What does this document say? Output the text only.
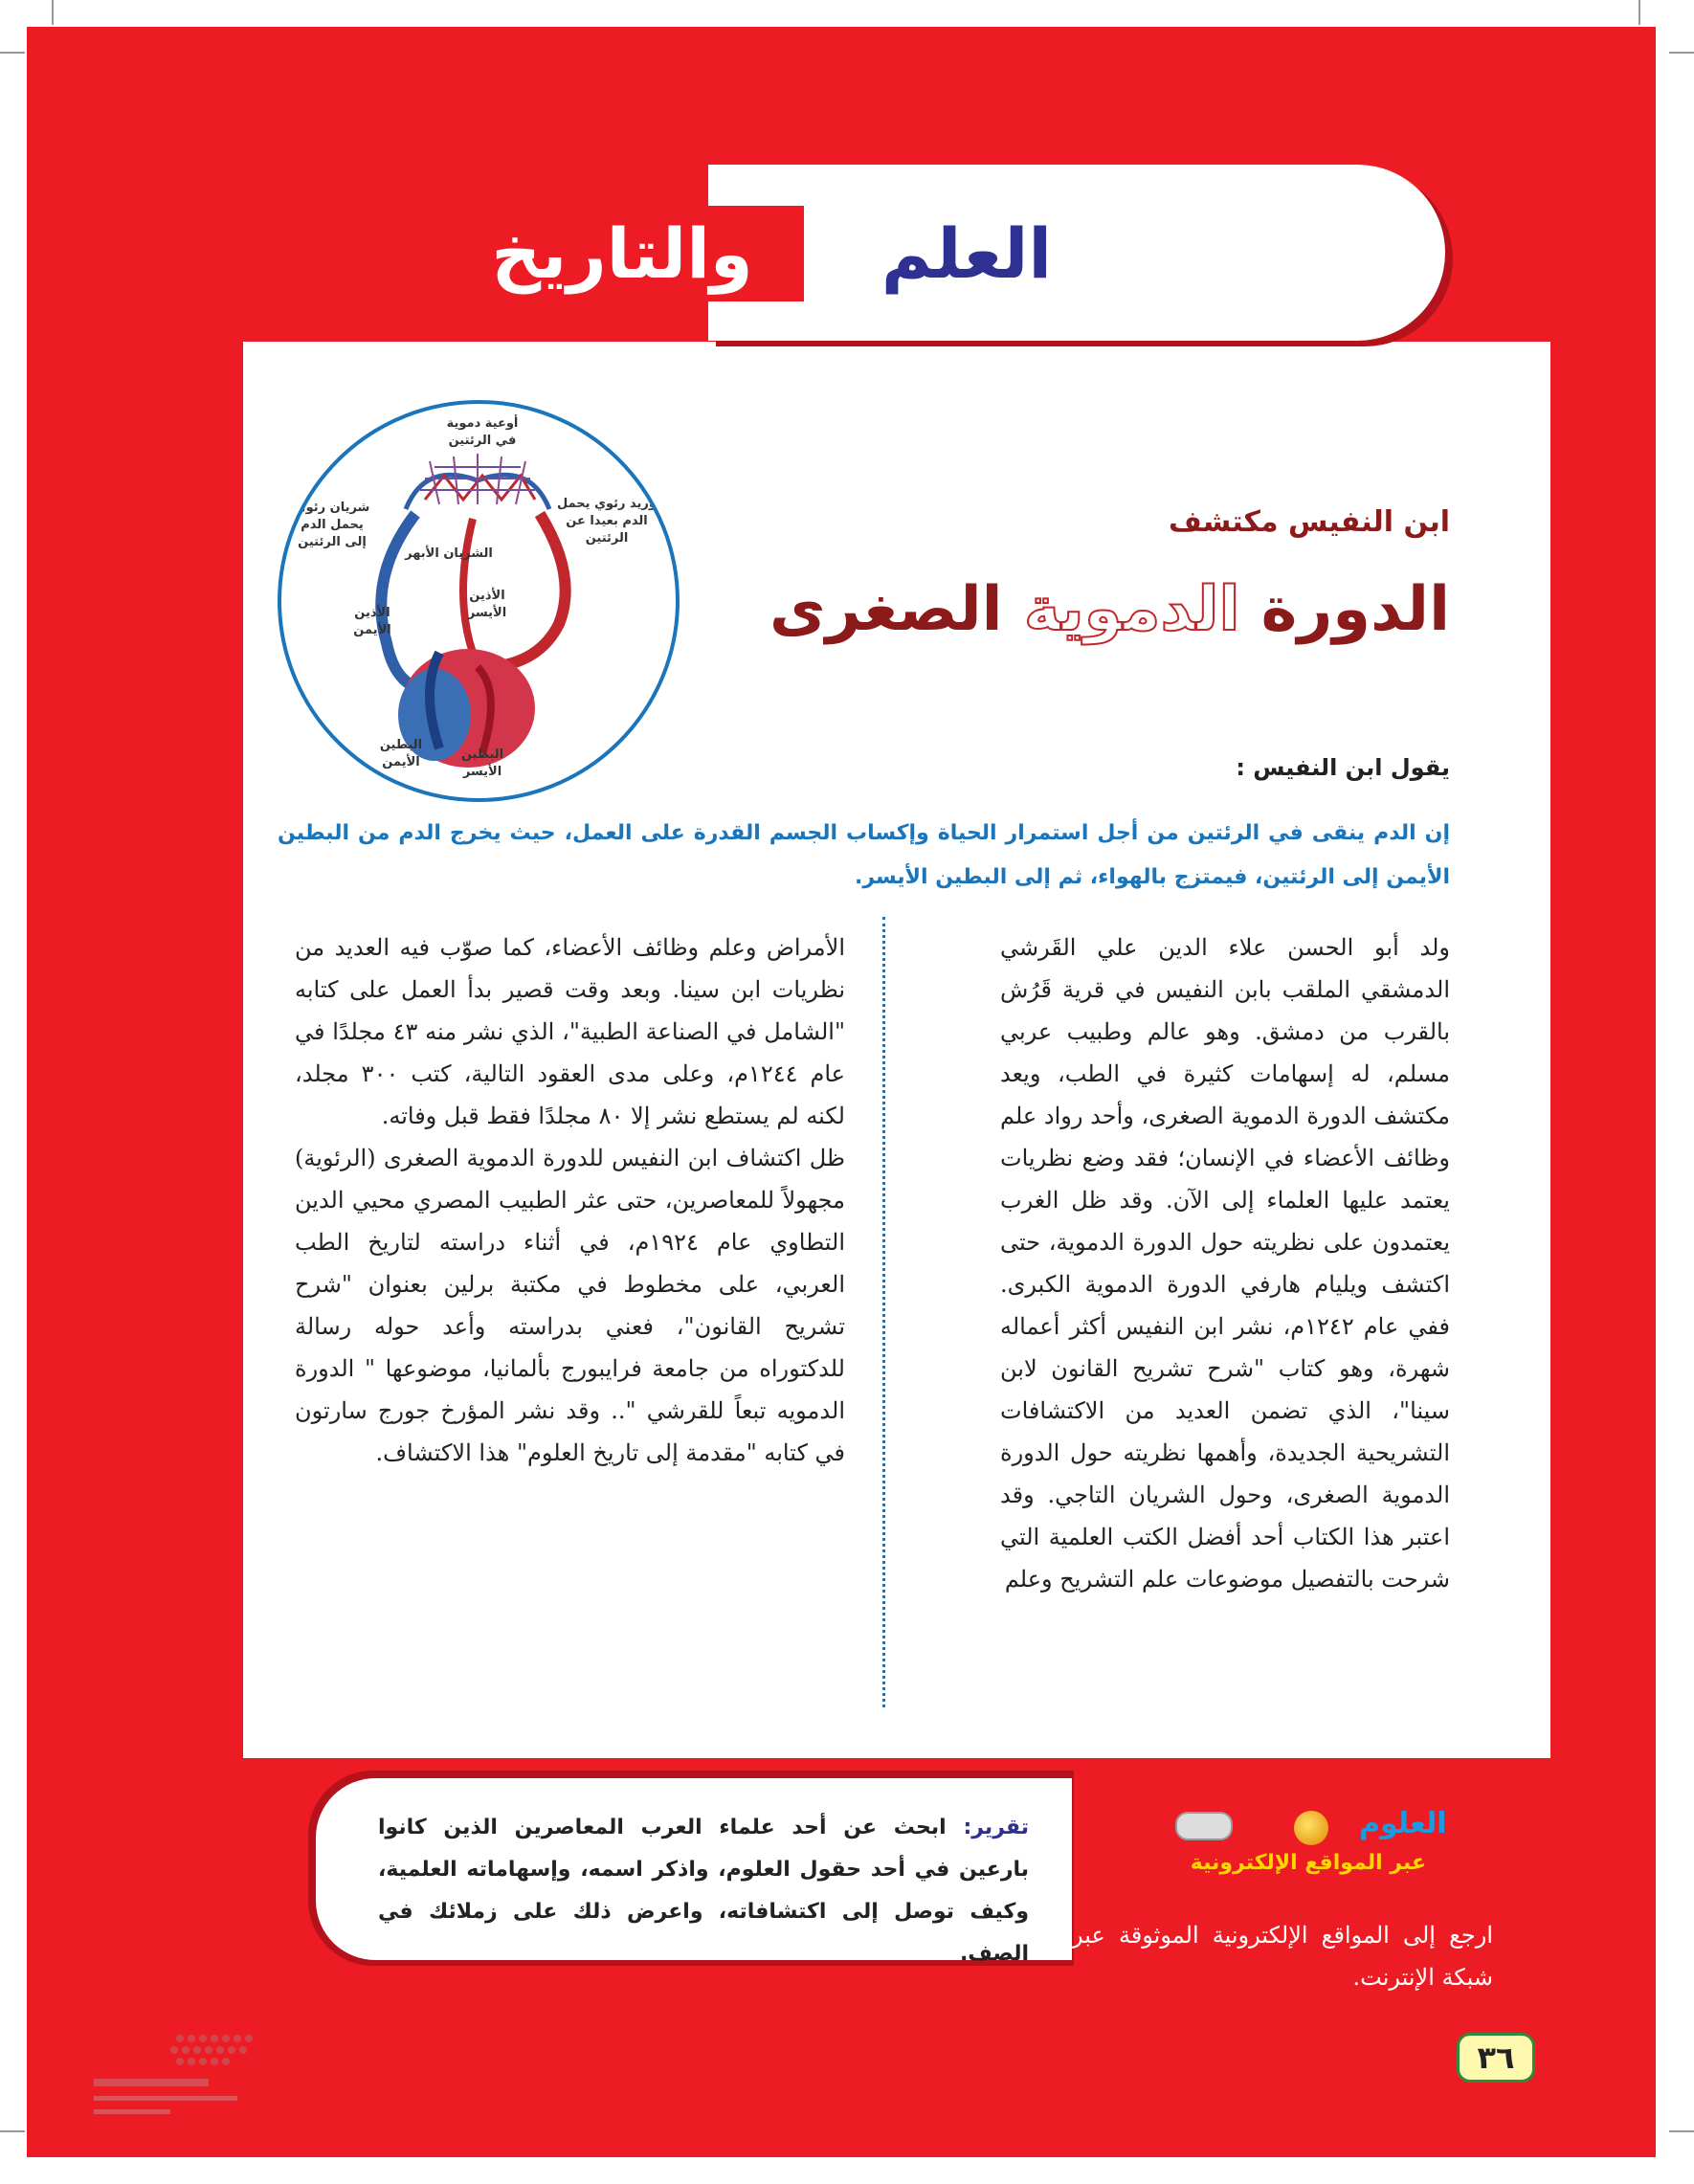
العلم
والتاريخ
أوعية دموية
في الرئتين
شريان رئوي
يحمل الدم
إلى الرئتين
وريد رئوي يحمل
الدم بعيدا عن
الرئتين
الشريان الأبهر
الأذين
الأيسر
الأذين
الأيمن
البطين
الأيمن
البطين
الأيسر
ابن النفيس مكتشف
الدورة الدموية الصغرى
يقول ابن النفيس :
إن الدم ينقى في الرئتين من أجل استمرار الحياة وإكساب الجسم القدرة على العمل، حيث يخرج الدم من البطين الأيمن إلى الرئتين، فيمتزج بالهواء، ثم إلى البطين الأيسر.
ولد أبو الحسن علاء الدين علي القَرشي الدمشقي الملقب بابن النفيس في قرية قَرُش بالقرب من دمشق. وهو عالم وطبيب عربي مسلم، له إسهامات كثيرة في الطب، ويعد مكتشف الدورة الدموية الصغرى، وأحد رواد علم وظائف الأعضاء في الإنسان؛ فقد وضع نظريات يعتمد عليها العلماء إلى الآن. وقد ظل الغرب يعتمدون على نظريته حول الدورة الدموية، حتى اكتشف ويليام هارفي الدورة الدموية الكبرى. ففي عام ١٢٤٢م، نشر ابن النفيس أكثر أعماله شهرة، وهو كتاب "شرح تشريح القانون لابن سينا"، الذي تضمن العديد من الاكتشافات التشريحية الجديدة، وأهمها نظريته حول الدورة الدموية الصغرى، وحول الشريان التاجي. وقد اعتبر هذا الكتاب أحد أفضل الكتب العلمية التي شرحت بالتفصيل موضوعات علم التشريح وعلم
الأمراض وعلم وظائف الأعضاء، كما صوّب فيه العديد من نظريات ابن سينا. وبعد وقت قصير بدأ العمل على كتابه "الشامل في الصناعة الطبية"، الذي نشر منه ٤٣ مجلدًا في عام ١٢٤٤م، وعلى مدى العقود التالية، كتب ٣٠٠ مجلد، لكنه لم يستطع نشر إلا ٨٠ مجلدًا فقط قبل وفاته.
ظل اكتشاف ابن النفيس للدورة الدموية الصغرى (الرئوية) مجهولاً للمعاصرين، حتى عثر الطبيب المصري محيي الدين التطاوي عام ١٩٢٤م، في أثناء دراسته لتاريخ الطب العربي، على مخطوط في مكتبة برلين بعنوان "شرح تشريح القانون"، فعني بدراسته وأعد حوله رسالة للدكتوراه من جامعة فرايبورج بألمانيا، موضوعها " الدورة الدمويه تبعاً للقرشي ".. وقد نشر المؤرخ جورج سارتون في كتابه "مقدمة إلى تاريخ العلوم" هذا الاكتشاف.
تقرير: ابحث عن أحد علماء العرب المعاصرين الذين كانوا بارعين في أحد حقول العلوم، واذكر اسمه، وإسهاماته العلمية، وكيف توصل إلى اكتشافاته، واعرض ذلك على زملائك في الصف.
العلوم
عبر المواقع الإلكترونية
ارجع إلى المواقع الإلكترونية الموثوقة عبر شبكة الإنترنت.
٣٦
